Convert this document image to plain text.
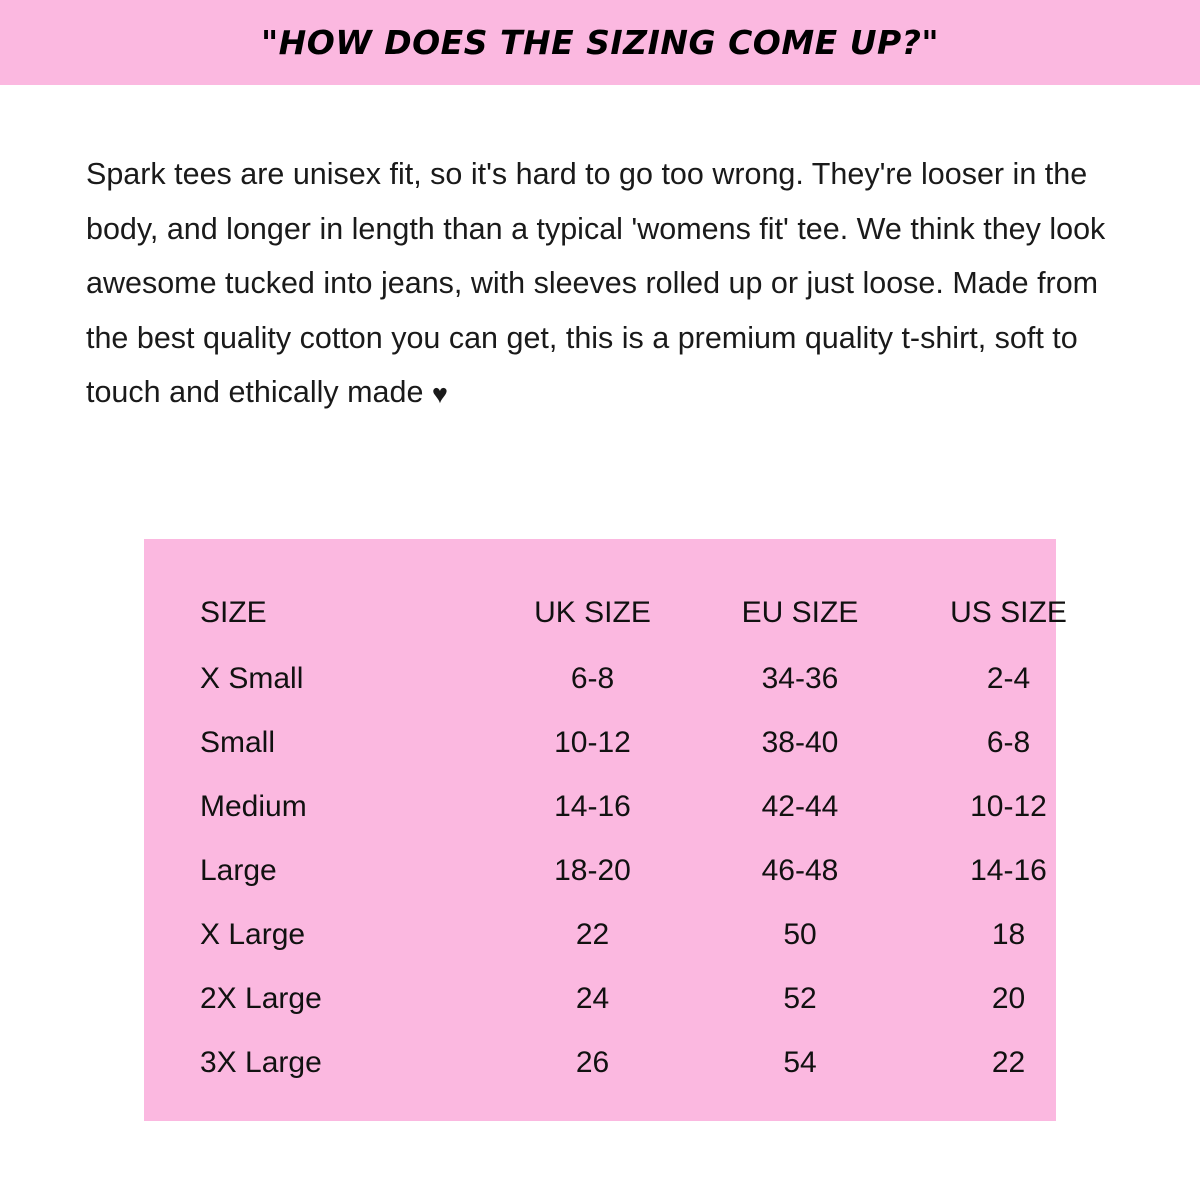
"HOW DOES THE SIZING COME UP?"

Spark tees are unisex fit, so it's hard to go too wrong. They're looser in the body, and longer in length than a typical 'womens fit' tee. We think they look awesome tucked into jeans, with sleeves rolled up or just loose. Made from the best quality cotton you can get, this is a premium quality t-shirt, soft to touch and ethically made ♥

SIZE	UK SIZE	EU SIZE	US SIZE
X Small	6-8	34-36	2-4
Small	10-12	38-40	6-8
Medium	14-16	42-44	10-12
Large	18-20	46-48	14-16
X Large	22	50	18
2X Large	24	52	20
3X Large	26	54	22
